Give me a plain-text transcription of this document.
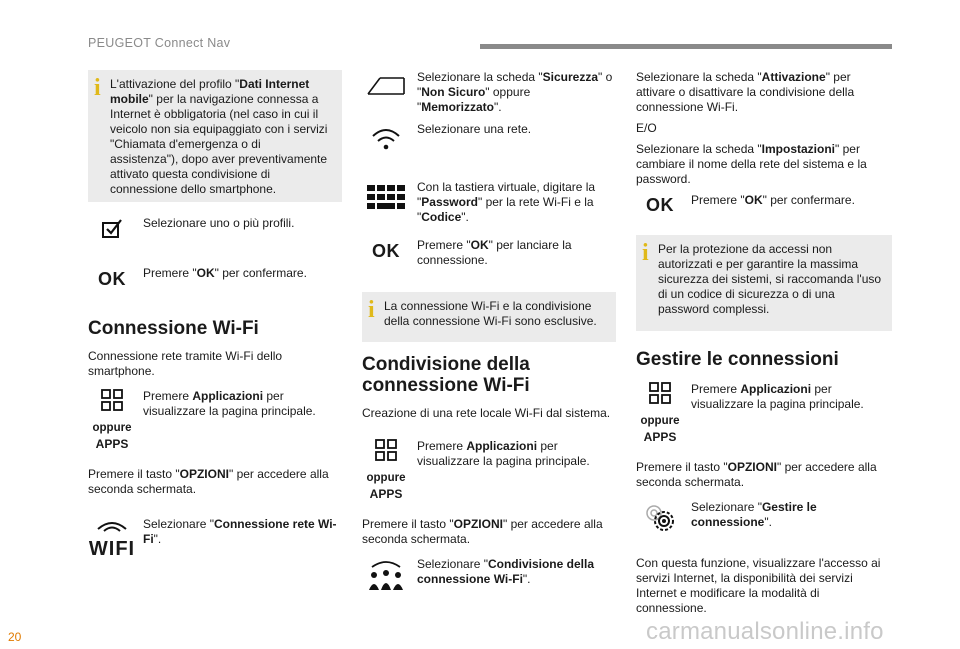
PEUGEOT Connect Nav
i

L'attivazione del profilo "Dati Internet mobile" per la navigazione connessa a Internet è obbligatoria (nel caso in cui il veicolo non sia equipaggiato con i servizi "Chiamata d'emergenza o di assistenza"), dopo aver preventivamente attivato questa condivisione di connessione dello smartphone.

Selezionare uno o più profili.

OK	Premere "OK" per confermare.

Connessione Wi-Fi

Connessione rete tramite Wi-Fi dello smartphone.

oppure
APPS

Premere Applicazioni per visualizzare la pagina principale.

Premere il tasto "OPZIONI" per accedere alla seconda schermata.

WIFI

Selezionare "Connessione rete Wi-Fi".

Selezionare la scheda "Sicurezza" o "Non Sicuro" oppure "Memorizzato".

Selezionare una rete.

Con la tastiera virtuale, digitare la "Password" per la rete Wi-Fi e la "Codice".

OK	Premere "OK" per lanciare la connessione.

i

La connessione Wi-Fi e la condivisione della connessione Wi-Fi sono esclusive.

Condivisione della connessione Wi-Fi

Creazione di una rete locale Wi-Fi dal sistema.

oppure
APPS

Premere Applicazioni per visualizzare la pagina principale.

Premere il tasto "OPZIONI" per accedere alla seconda schermata.

Selezionare "Condivisione della connessione Wi-Fi".

Selezionare la scheda "Attivazione" per attivare o disattivare la condivisione della connessione Wi-Fi.

E/O

Selezionare la scheda "Impostazioni" per cambiare il nome della rete del sistema e la password.

OK	Premere "OK" per confermare.

i

Per la protezione da accessi non autorizzati e per garantire la massima sicurezza dei sistemi, si raccomanda l'uso di un codice di sicurezza o di una password complessi.

Gestire le connessioni

oppure
APPS

Premere Applicazioni per visualizzare la pagina principale.

Premere il tasto "OPZIONI" per accedere alla seconda schermata.

Selezionare "Gestire le connessione".

Con questa funzione, visualizzare l'accesso ai servizi Internet, la disponibilità dei servizi Internet e modificare la modalità di connessione.

20	carmanualsonline.info
